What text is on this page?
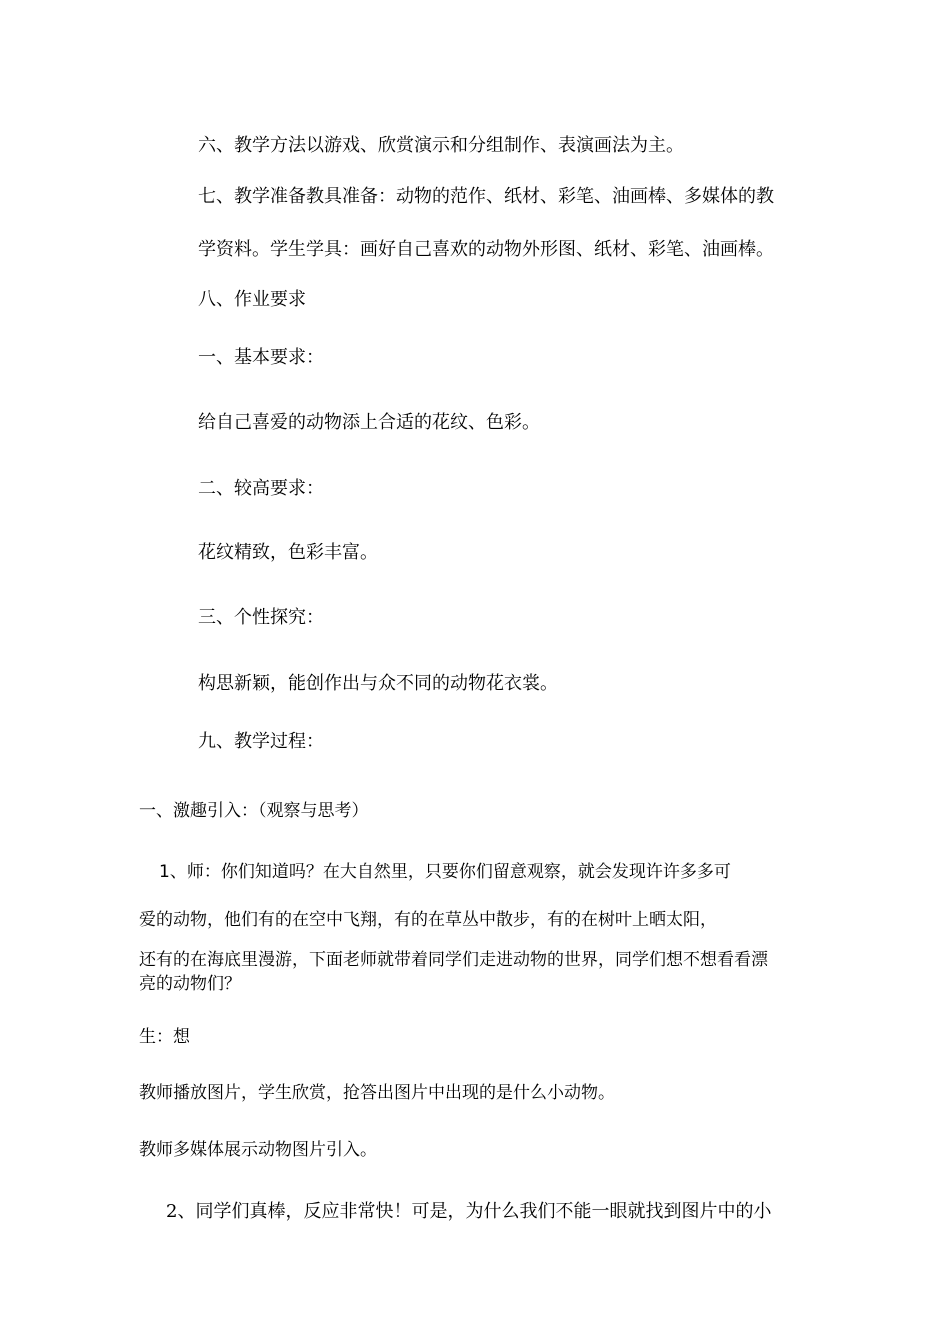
六、教学方法以游戏、欣赏演示和分组制作、表演画法为主。
七、教学准备教具准备：动物的范作、纸材、彩笔、油画棒、多媒体的教
学资料。学生学具：画好自己喜欢的动物外形图、纸材、彩笔、油画棒。
八、作业要求
一、基本要求：
给自己喜爱的动物添上合适的花纹、色彩。
二、较高要求：
花纹精致，色彩丰富。
三、个性探究：
构思新颖，能创作出与众不同的动物花衣裳。
九、教学过程：
一、激趣引入：（观察与思考）
1、师：你们知道吗？在大自然里，只要你们留意观察，就会发现许许多多可
爱的动物，他们有的在空中飞翔，有的在草丛中散步，有的在树叶上晒太阳，
还有的在海底里漫游，下面老师就带着同学们走进动物的世界，同学们想不想看看漂
亮的动物们？
生：想
教师播放图片，学生欣赏，抢答出图片中出现的是什么小动物。
教师多媒体展示动物图片引入。
2、同学们真棒，反应非常快！可是，为什么我们不能一眼就找到图片中的小
